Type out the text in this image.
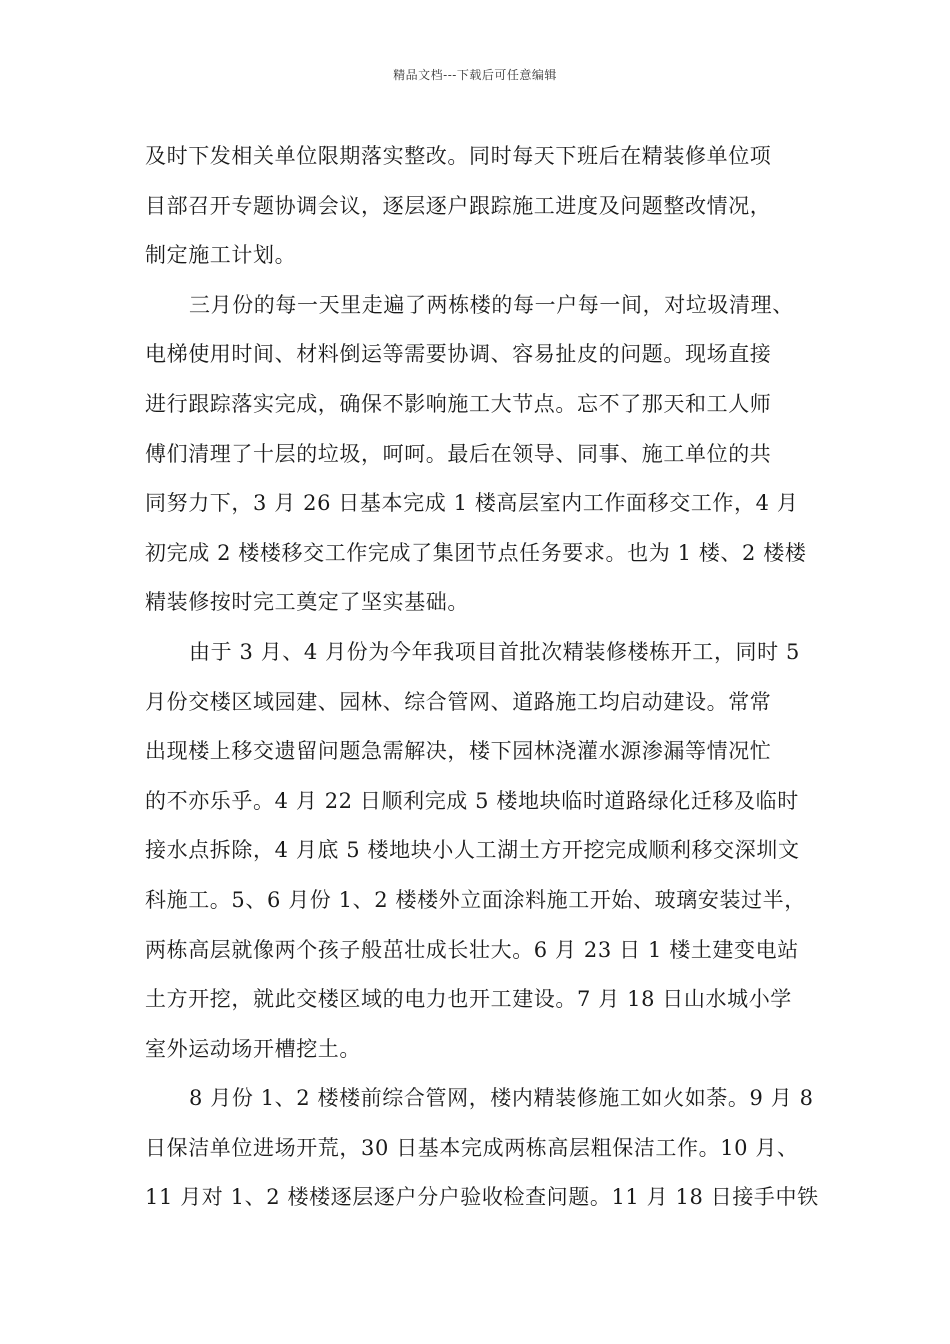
精品文档---下载后可任意编辑
及时下发相关单位限期落实整改。同时每天下班后在精装修单位项
目部召开专题协调会议，逐层逐户跟踪施工进度及问题整改情况，
制定施工计划。
三月份的每一天里走遍了两栋楼的每一户每一间，对垃圾清理、
电梯使用时间、材料倒运等需要协调、容易扯皮的问题。现场直接
进行跟踪落实完成，确保不影响施工大节点。忘不了那天和工人师
傅们清理了十层的垃圾，呵呵。最后在领导、同事、施工单位的共
同努力下，3 月 26 日基本完成 1 楼高层室内工作面移交工作，4 月
初完成 2 楼楼移交工作完成了集团节点任务要求。也为 1 楼、2 楼楼
精装修按时完工奠定了坚实基础。
由于 3 月、4 月份为今年我项目首批次精装修楼栋开工，同时 5
月份交楼区域园建、园林、综合管网、道路施工均启动建设。常常
出现楼上移交遗留问题急需解决，楼下园林浇灌水源渗漏等情况忙
的不亦乐乎。4 月 22 日顺利完成 5 楼地块临时道路绿化迁移及临时
接水点拆除，4 月底 5 楼地块小人工湖土方开挖完成顺利移交深圳文
科施工。5、6 月份 1、2 楼楼外立面涂料施工开始、玻璃安装过半，
两栋高层就像两个孩子般茁壮成长壮大。6 月 23 日 1 楼土建变电站
土方开挖，就此交楼区域的电力也开工建设。7 月 18 日山水城小学
室外运动场开槽挖土。
8 月份 1、2 楼楼前综合管网，楼内精装修施工如火如荼。9 月 8
日保洁单位进场开荒，30 日基本完成两栋高层粗保洁工作。10 月、
11 月对 1、2 楼楼逐层逐户分户验收检查问题。11 月 18 日接手中铁
